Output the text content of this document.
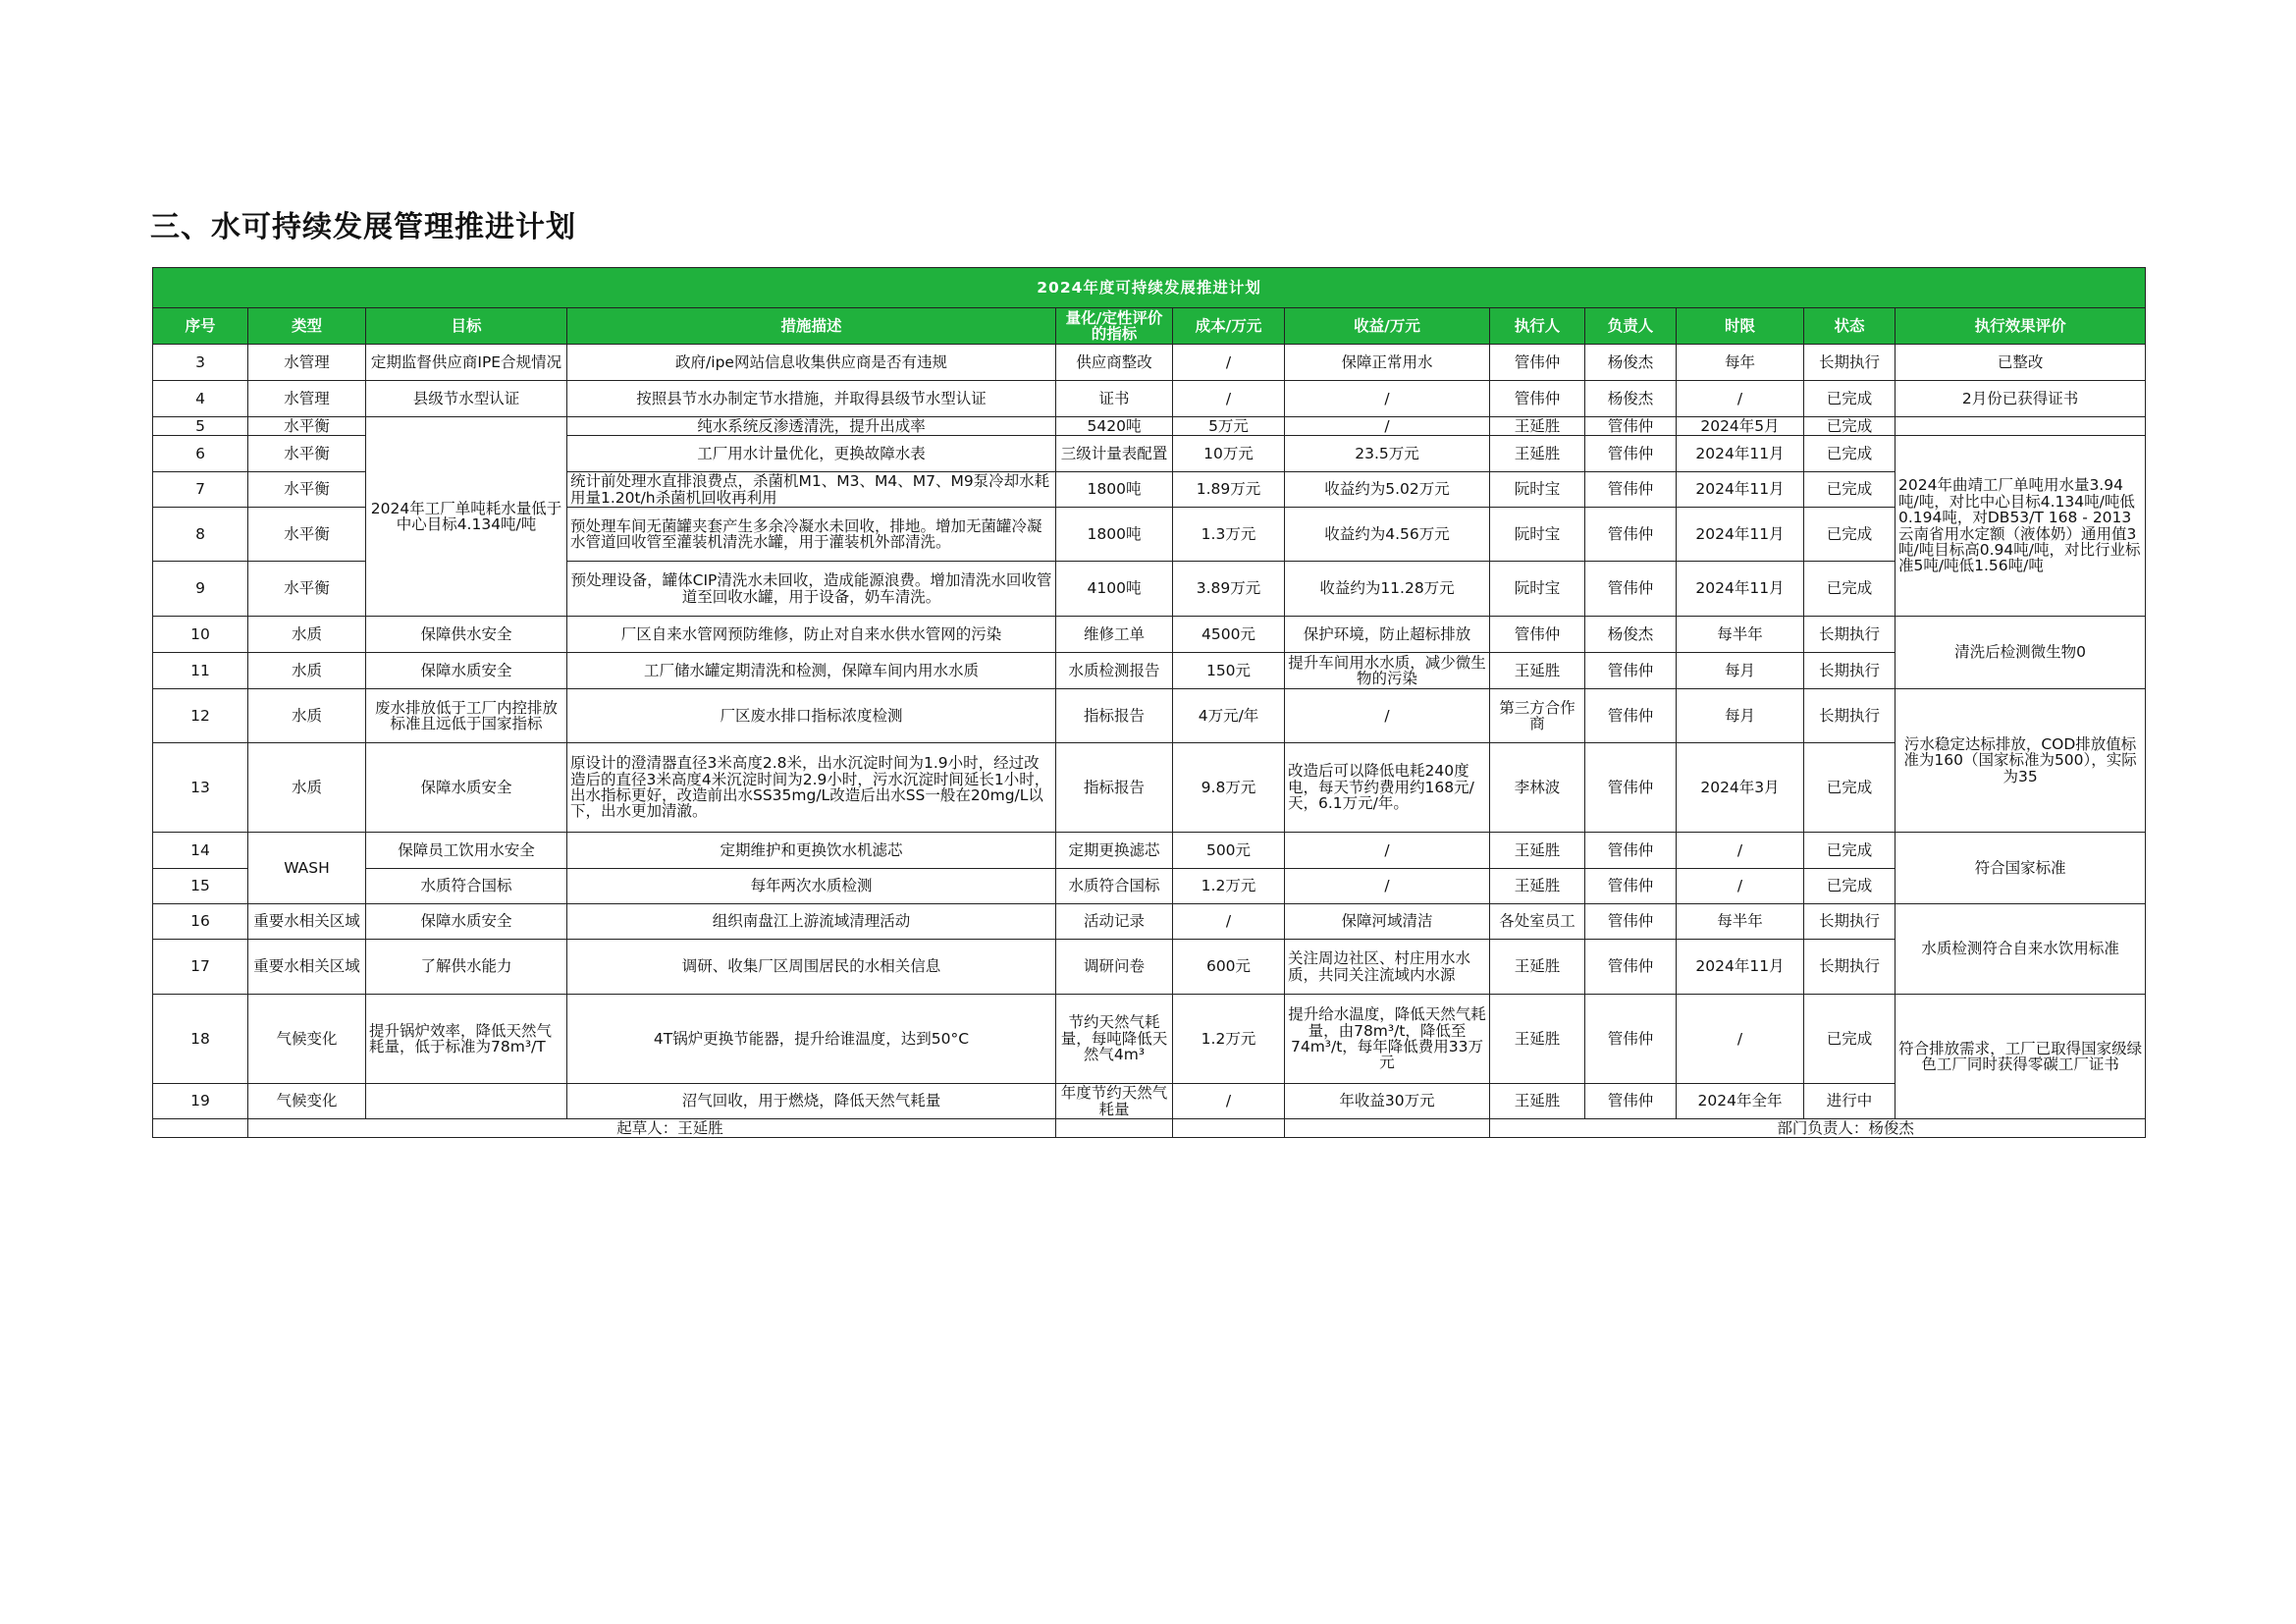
三、水可持续发展管理推进计划
2024年度可持续发展推进计划											
序号	类型	目标	措施描述	量化/定性评价的指标	成本/万元	收益/万元	执行人	负责人	时限	状态	执行效果评价
3	水管理	定期监督供应商IPE合规情况	政府/ipe网站信息收集供应商是否有违规	供应商整改	/	保障正常用水	管伟仲	杨俊杰	每年	长期执行	已整改
4	水管理	县级节水型认证	按照县节水办制定节水措施，并取得县级节水型认证	证书	/	/	管伟仲	杨俊杰	/	已完成	2月份已获得证书
5	水平衡	2024年工厂单吨耗水量低于中心目标4.134吨/吨	纯水系统反渗透清洗，提升出成率	5420吨	5万元	/	王延胜	管伟仲	2024年5月	已完成	
6	水平衡		工厂用水计量优化，更换故障水表	三级计量表配置	10万元	23.5万元	王延胜	管伟仲	2024年11月	已完成	2024年曲靖工厂单吨用水量3.94吨/吨，对比中心目标4.134吨/吨低0.194吨，对DB53/T 168 - 2013云南省用水定额（液体奶）通用值3吨/吨目标高0.94吨/吨，对比行业标准5吨/吨低1.56吨/吨
7	水平衡		统计前处理水直排浪费点，杀菌机M1、M3、M4、M7、M9泵冷却水耗用量1.20t/h杀菌机回收再利用	1800吨	1.89万元	收益约为5.02万元	阮时宝	管伟仲	2024年11月	已完成	
8	水平衡		预处理车间无菌罐夹套产生多余冷凝水未回收，排地。增加无菌罐冷凝水管道回收管至灌装机清洗水罐，用于灌装机外部清洗。	1800吨	1.3万元	收益约为4.56万元	阮时宝	管伟仲	2024年11月	已完成	
9	水平衡		预处理设备，罐体CIP清洗水未回收，造成能源浪费。增加清洗水回收管道至回收水罐，用于设备，奶车清洗。	4100吨	3.89万元	收益约为11.28万元	阮时宝	管伟仲	2024年11月	已完成	
10	水质	保障供水安全	厂区自来水管网预防维修，防止对自来水供水管网的污染	维修工单	4500元	保护环境，防止超标排放	管伟仲	杨俊杰	每半年	长期执行	清洗后检测微生物0
11	水质	保障水质安全	工厂储水罐定期清洗和检测，保障车间内用水水质	水质检测报告	150元	提升车间用水水质，减少微生物的污染	王延胜	管伟仲	每月	长期执行	
12	水质	废水排放低于工厂内控排放标准且远低于国家指标	厂区废水排口指标浓度检测	指标报告	4万元/年	/	第三方合作商	管伟仲	每月	长期执行	污水稳定达标排放，COD排放值标准为160（国家标准为500），实际为35
13	水质	保障水质安全	原设计的澄清器直径3米高度2.8米，出水沉淀时间为1.9小时，经过改造后的直径3米高度4米沉淀时间为2.9小时，污水沉淀时间延长1小时，出水指标更好，改造前出水SS35mg/L改造后出水SS一般在20mg/L以下，出水更加清澈。	指标报告	9.8万元	改造后可以降低电耗240度电，每天节约费用约168元/天，6.1万元/年。	李林波	管伟仲	2024年3月	已完成	
14	WASH	保障员工饮用水安全	定期维护和更换饮水机滤芯	定期更换滤芯	500元	/	王延胜	管伟仲	/	已完成	符合国家标准
15		水质符合国标	每年两次水质检测	水质符合国标	1.2万元	/	王延胜	管伟仲	/	已完成	
16	重要水相关区域	保障水质安全	组织南盘江上游流域清理活动	活动记录	/	保障河域清洁	各处室员工	管伟仲	每半年	长期执行	水质检测符合自来水饮用标准
17	重要水相关区域	了解供水能力	调研、收集厂区周围居民的水相关信息	调研问卷	600元	关注周边社区、村庄用水水质，共同关注流域内水源	王延胜	管伟仲	2024年11月	长期执行	
18	气候变化	提升锅炉效率，降低天然气耗量，低于标准为78m³/T	4T锅炉更换节能器，提升给谁温度，达到50°C	节约天然气耗量，每吨降低天然气4m³	1.2万元	提升给水温度，降低天然气耗量，由78m³/t，降低至74m³/t，每年降低费用33万元	王延胜	管伟仲	/	已完成	符合排放需求，工厂已取得国家级绿色工厂同时获得零碳工厂证书
19	气候变化		沼气回收，用于燃烧，降低天然气耗量	年度节约天然气耗量	/	年收益30万元	王延胜	管伟仲	2024年全年	进行中	
	起草人：王延胜						部门负责人：杨俊杰				
